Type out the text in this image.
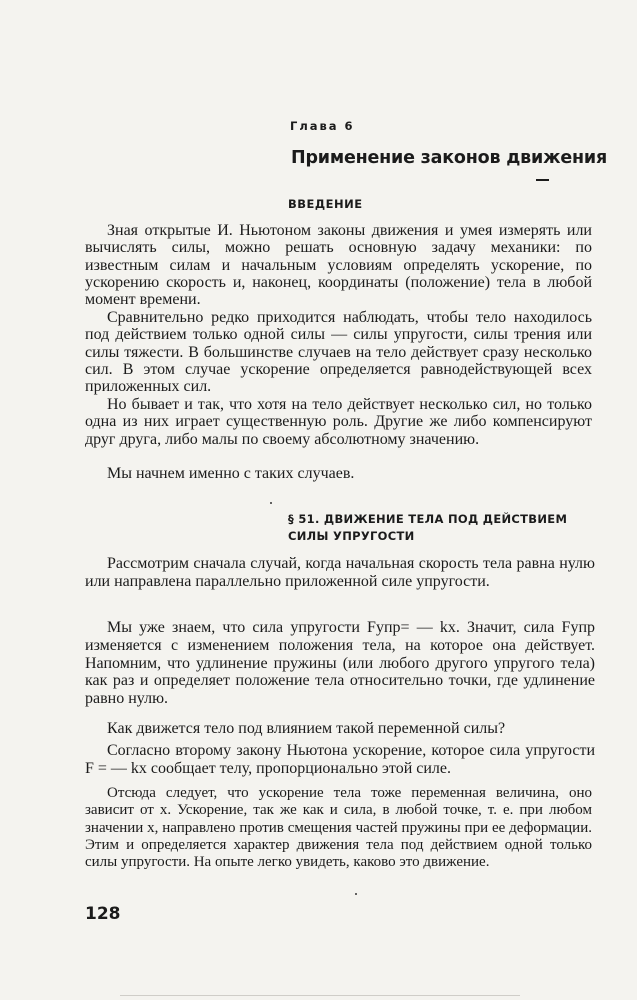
Глава 6
Применение законов движения
ВВЕДЕНИЕ

Зная открытые И. Ньютоном законы движения и умея измерять или вычислять силы, можно решать основную задачу механики: по известным силам и начальным условиям определять ускорение, по ускорению скорость и, наконец, координаты (положение) тела в любой момент времени.

Сравнительно редко приходится наблюдать, чтобы тело находилось под действием только одной силы — силы упругости, силы трения или силы тяжести. В большинстве случаев на тело действует сразу несколько сил. В этом случае ускорение определяется равнодействующей всех приложенных сил.

Но бывает и так, что хотя на тело действует несколько сил, но только одна из них играет существенную роль. Другие же либо компенсируют друг друга, либо малы по своему абсолютному значению.

Мы начнем именно с таких случаев.

§ 51. ДВИЖЕНИЕ ТЕЛА ПОД ДЕЙСТВИЕМ СИЛЫ УПРУГОСТИ

Рассмотрим сначала случай, когда начальная скорость тела равна нулю или направлена параллельно приложенной силе упругости.

Мы уже знаем, что сила упругости Fупр= — kx. Значит, сила Fупр изменяется с изменением положения тела, на которое она действует. Напомним, что удлинение пружины (или любого другого упругого тела) как раз и определяет положение тела относительно точки, где удлинение равно нулю.

Как движется тело под влиянием такой переменной силы?

Согласно второму закону Ньютона ускорение, которое сила упругости F = — kx сообщает телу, пропорционально этой силе.

Отсюда следует, что ускорение тела тоже переменная величина, оно зависит от x. Ускорение, так же как и сила, в любой точке, т. е. при любом значении x, направлено против смещения частей пружины при ее деформации. Этим и определяется характер движения тела под действием одной только силы упругости. На опыте легко увидеть, каково это движение.

128
